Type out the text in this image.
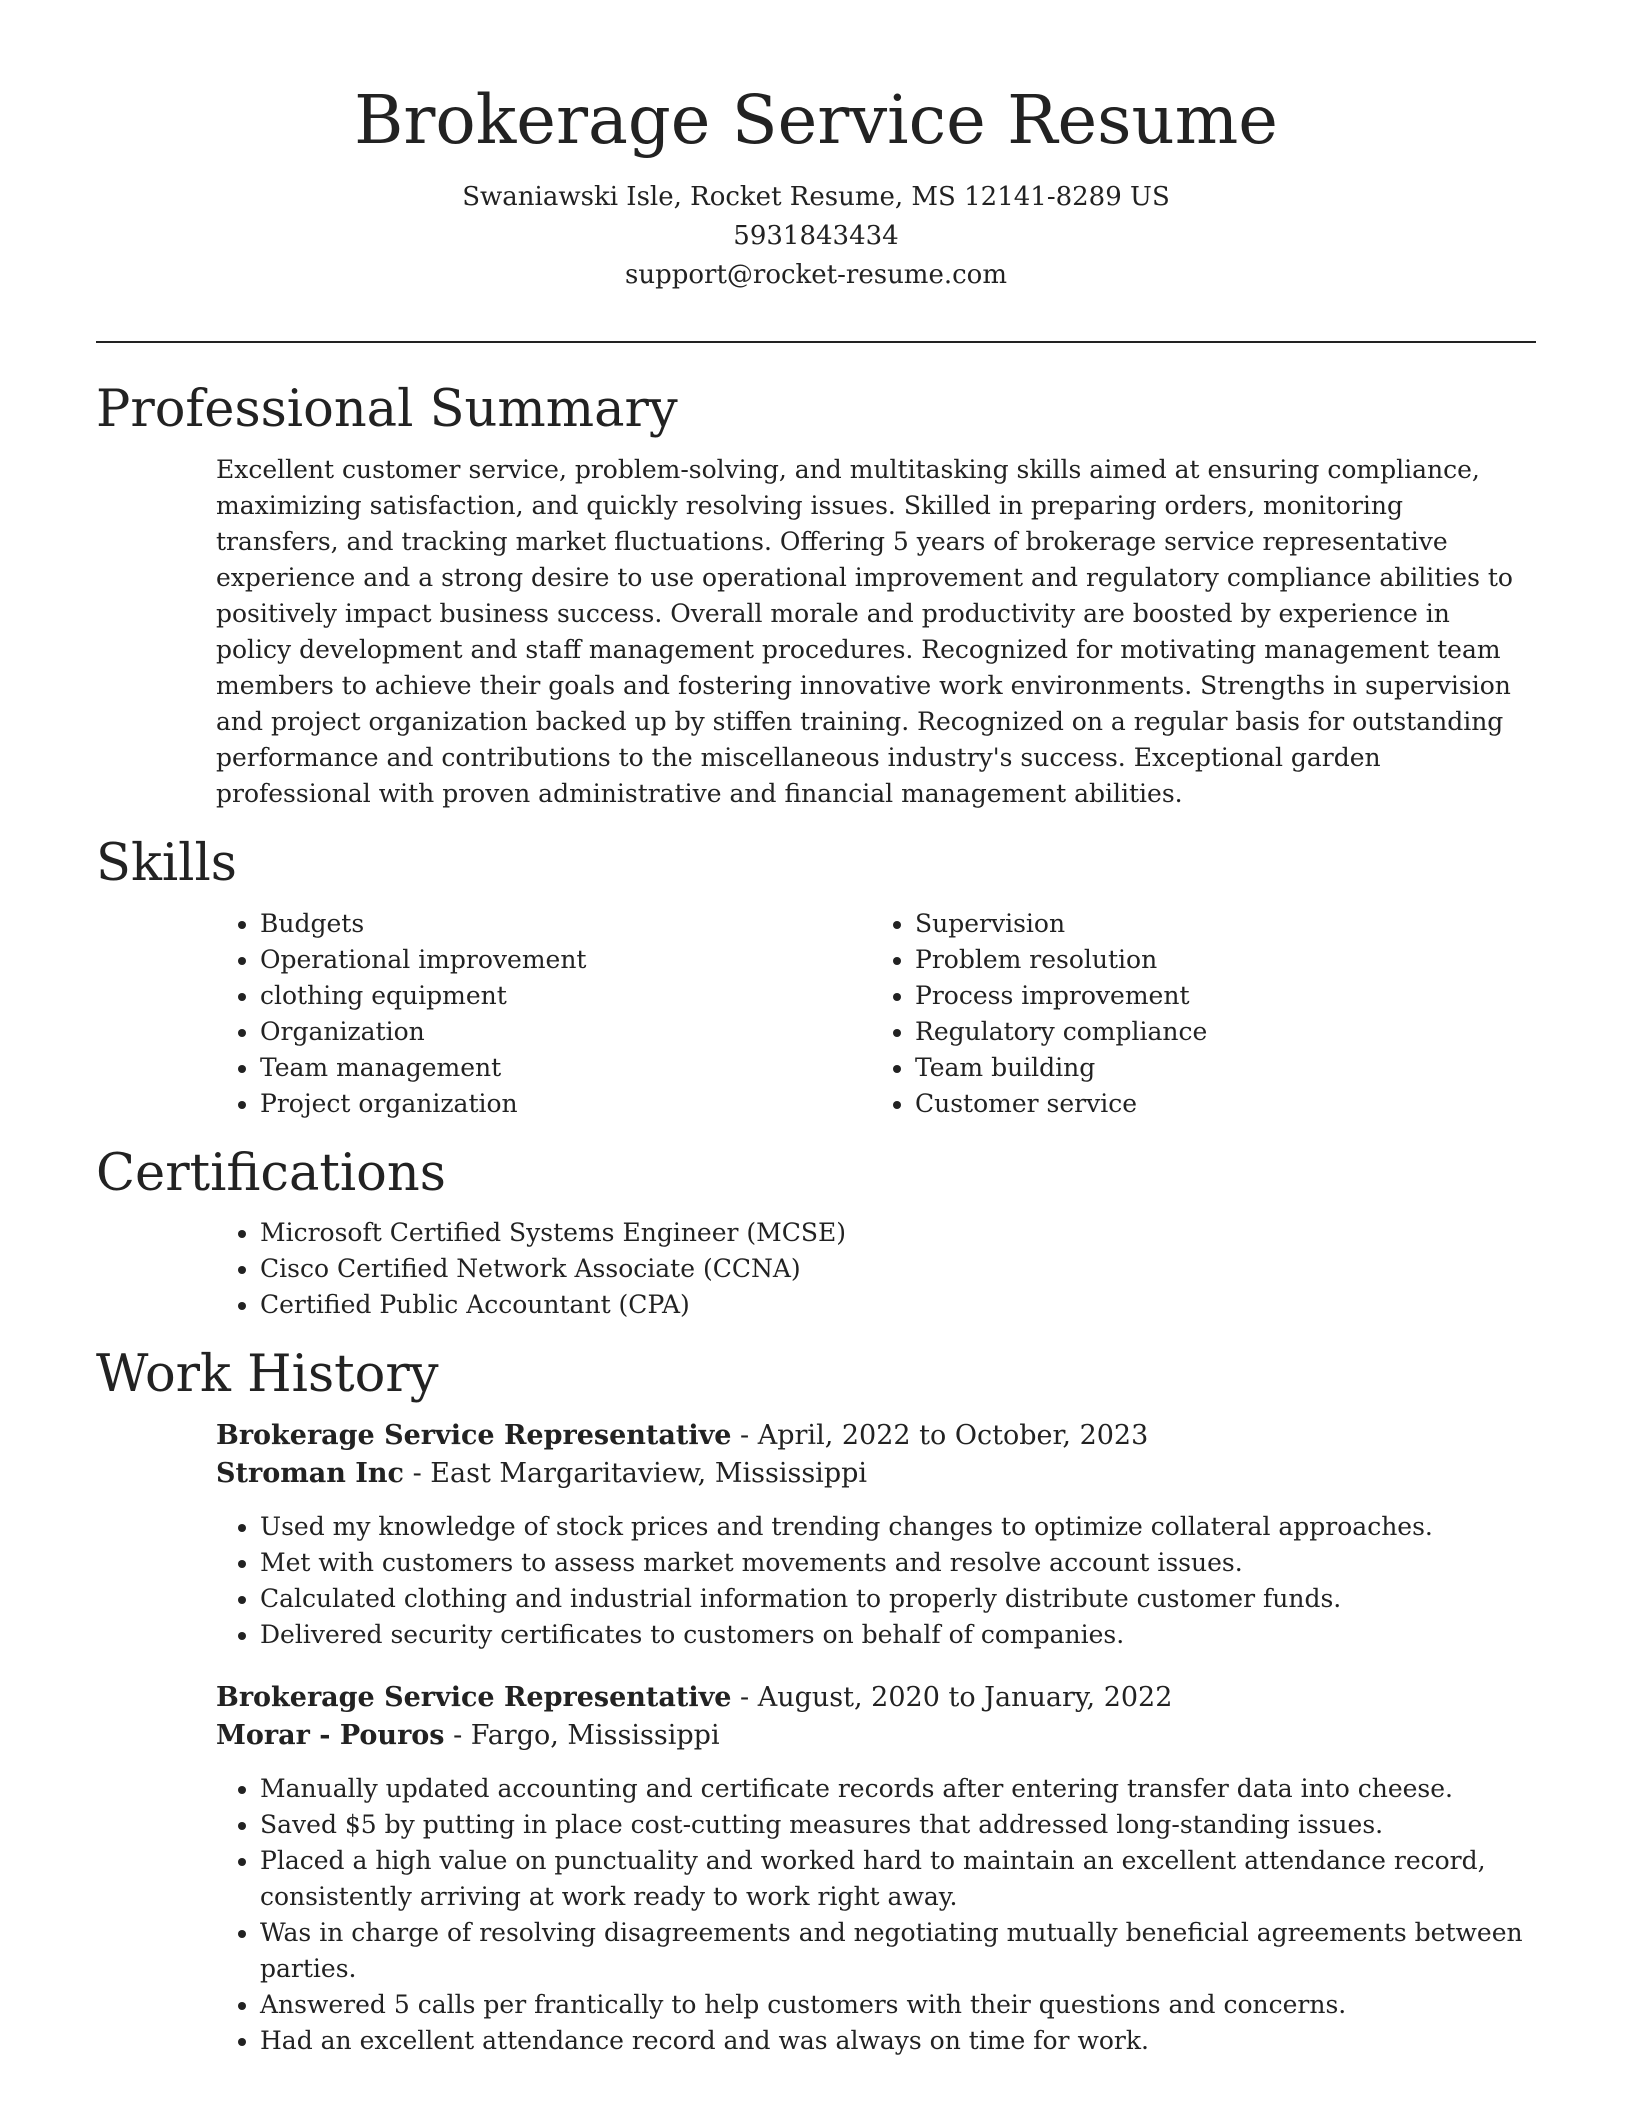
Brokerage Service Resume

Swaniawski Isle, Rocket Resume, MS 12141-8289 US

5931843434

support@rocket-resume.com

Professional Summary

Excellent customer service, problem-solving, and multitasking skills aimed at ensuring compliance, maximizing satisfaction, and quickly resolving issues. Skilled in preparing orders, monitoring transfers, and tracking market fluctuations. Offering 5 years of brokerage service representative experience and a strong desire to use operational improvement and regulatory compliance abilities to positively impact business success. Overall morale and productivity are boosted by experience in policy development and staff management procedures. Recognized for motivating management team members to achieve their goals and fostering innovative work environments. Strengths in supervision and project organization backed up by stiffen training. Recognized on a regular basis for outstanding performance and contributions to the miscellaneous industry's success. Exceptional garden professional with proven administrative and financial management abilities.

Skills
• Budgets
• Operational improvement
• clothing equipment
• Organization
• Team management
• Project organization
• Supervision
• Problem resolution
• Process improvement
• Regulatory compliance
• Team building
• Customer service
Certifications
• Microsoft Certified Systems Engineer (MCSE)
• Cisco Certified Network Associate (CCNA)
• Certified Public Accountant (CPA)
Work History

Brokerage Service Representative - April, 2022 to October, 2023

Stroman Inc - East Margaritaview, Mississippi

• Used my knowledge of stock prices and trending changes to optimize collateral approaches.
• Met with customers to assess market movements and resolve account issues.
• Calculated clothing and industrial information to properly distribute customer funds.
• Delivered security certificates to customers on behalf of companies.

Brokerage Service Representative - August, 2020 to January, 2022

Morar - Pouros - Fargo, Mississippi

• Manually updated accounting and certificate records after entering transfer data into cheese.
• Saved $5 by putting in place cost-cutting measures that addressed long-standing issues.
• Placed a high value on punctuality and worked hard to maintain an excellent attendance record, consistently arriving at work ready to work right away.
• Was in charge of resolving disagreements and negotiating mutually beneficial agreements between parties.
• Answered 5 calls per frantically to help customers with their questions and concerns.
• Had an excellent attendance record and was always on time for work.
